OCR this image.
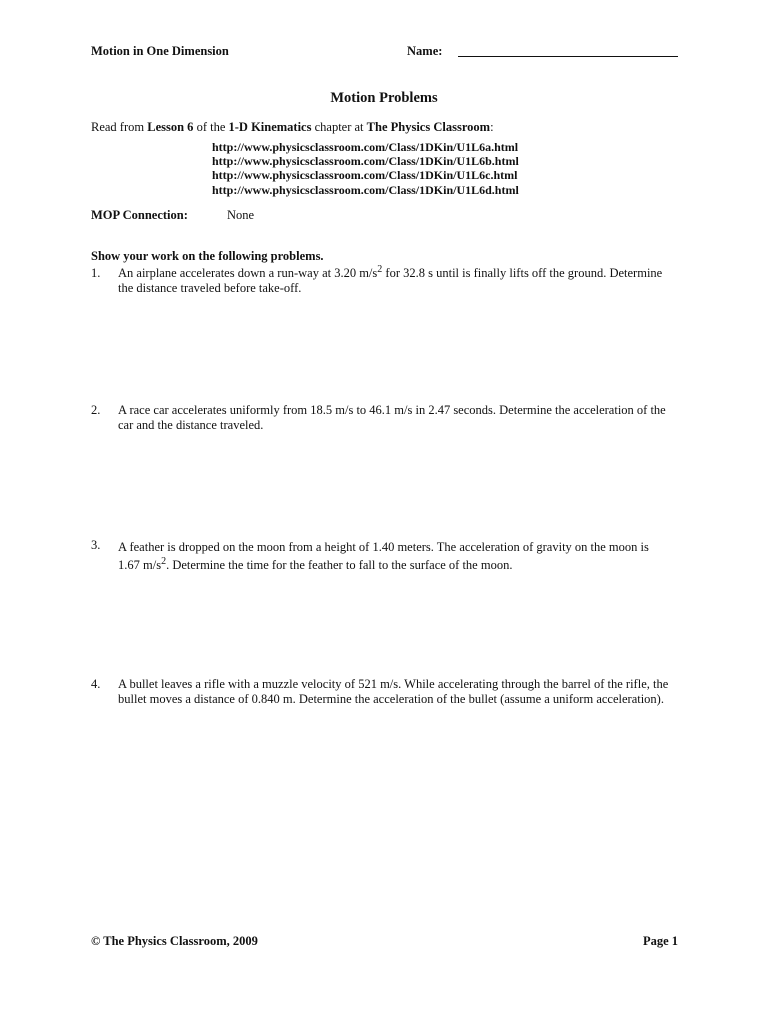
Motion in One Dimension	Name:
Motion Problems
Read from Lesson 6 of the 1-D Kinematics chapter at The Physics Classroom:
http://www.physicsclassroom.com/Class/1DKin/U1L6a.html
http://www.physicsclassroom.com/Class/1DKin/U1L6b.html
http://www.physicsclassroom.com/Class/1DKin/U1L6c.html
http://www.physicsclassroom.com/Class/1DKin/U1L6d.html
MOP Connection:	None
Show your work on the following problems.
1. An airplane accelerates down a run-way at 3.20 $m/s^2$ for 32.8 s until is finally lifts off the ground. Determine the distance traveled before take-off.
2. A race car accelerates uniformly from 18.5 m/s to 46.1 m/s in 2.47 seconds. Determine the acceleration of the car and the distance traveled.
3. A feather is dropped on the moon from a height of 1.40 meters. The acceleration of gravity on the moon is 1.67 $m/s^2$. Determine the time for the feather to fall to the surface of the moon.
4. A bullet leaves a rifle with a muzzle velocity of 521 m/s. While accelerating through the barrel of the rifle, the bullet moves a distance of 0.840 m. Determine the acceleration of the bullet (assume a uniform acceleration).
© The Physics Classroom, 2009	Page 1
